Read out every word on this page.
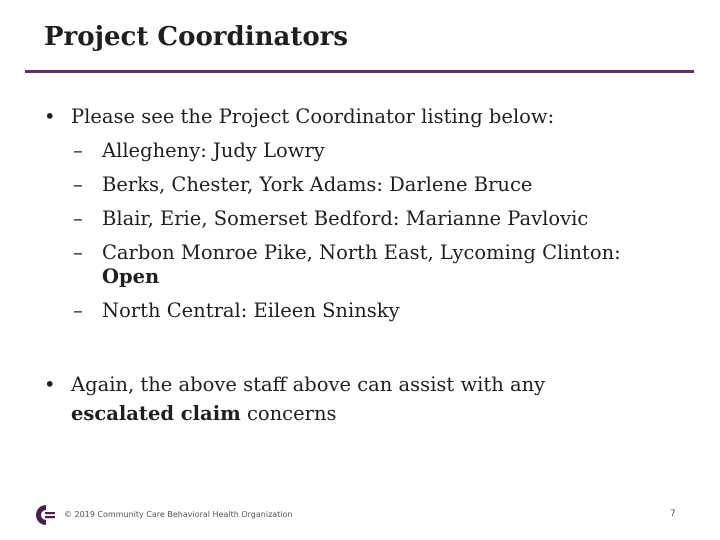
Project Coordinators
• Please see the Project Coordinator listing below:
– Allegheny: Judy Lowry
– Berks, Chester, York Adams: Darlene Bruce
– Blair, Erie, Somerset Bedford: Marianne Pavlovic
– Carbon Monroe Pike, North East, Lycoming Clinton:
Open
– North Central: Eileen Sninsky
• Again, the above staff above can assist with any
escalated claim concerns
© 2019 Community Care Behavioral Health Organization	7
